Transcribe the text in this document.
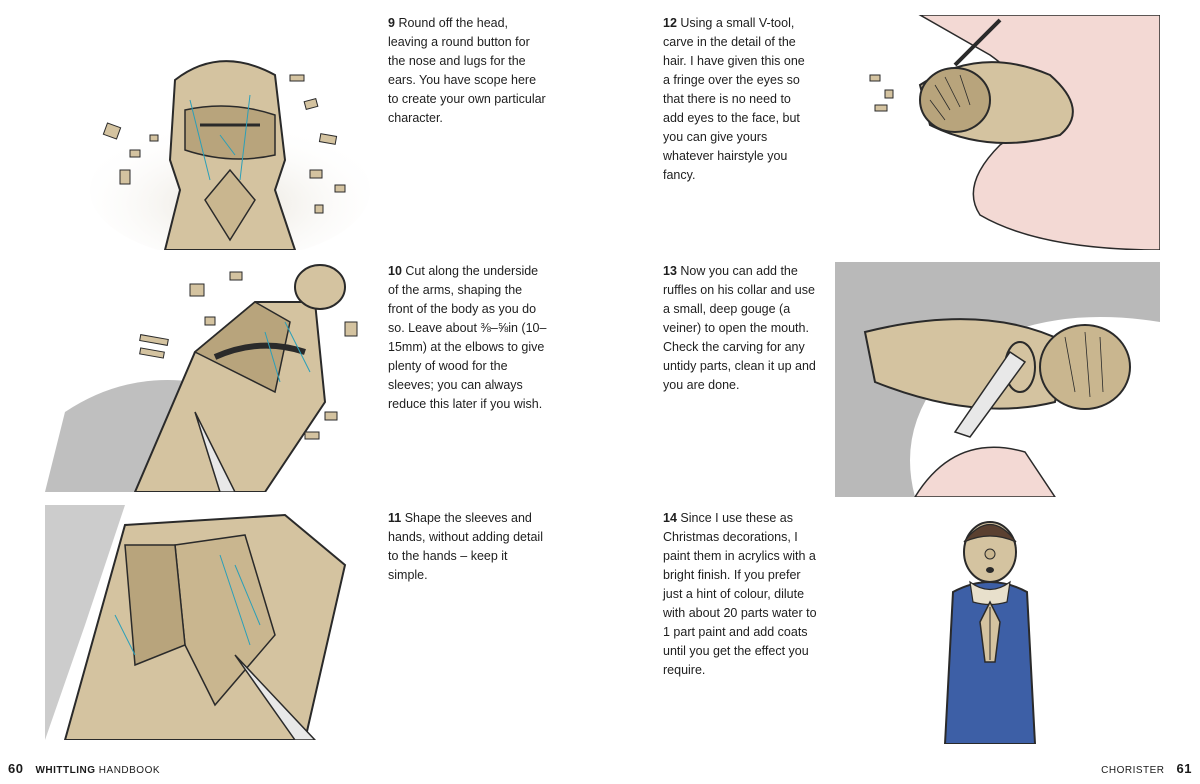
9 Round off the head, leaving a round button for the nose and lugs for the ears. You have scope here to create your own particular character.
10 Cut along the underside of the arms, shaping the front of the body as you do so. Leave about ⅜–⅝in (10–15mm) at the elbows to give plenty of wood for the sleeves; you can always reduce this later if you wish.
11 Shape the sleeves and hands, without adding detail to the hands – keep it simple.
12 Using a small V-tool, carve in the detail of the hair. I have given this one a fringe over the eyes so that there is no need to add eyes to the face, but you can give yours whatever hairstyle you fancy.
13 Now you can add the ruffles on his collar and use a small, deep gouge (a veiner) to open the mouth. Check the carving for any untidy parts, clean it up and you are done.
14 Since I use these as Christmas decorations, I paint them in acrylics with a bright finish. If you prefer just a hint of colour, dilute with about 20 parts water to 1 part paint and add coats until you get the effect you require.
60 WHITTLING HANDBOOK	CHORISTER 61
